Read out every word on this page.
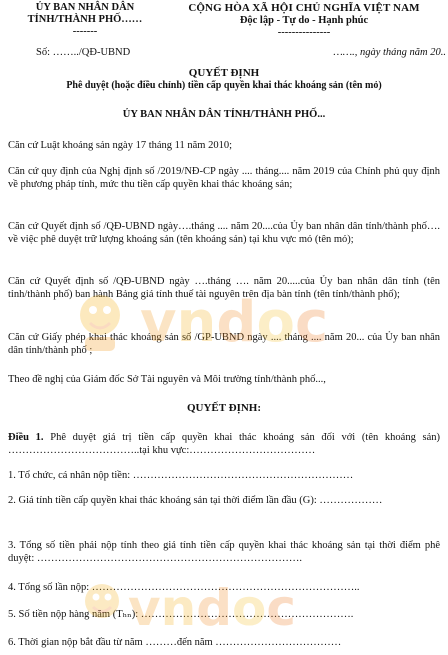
ỦY BAN NHÂN DÂN
TỈNH/THÀNH PHỐ……
-------
CỘNG HÒA XÃ HỘI CHỦ NGHĨA VIỆT NAM
Độc lập - Tự do - Hạnh phúc
---------------
Số: ……../QĐ-UBND	……., ngày tháng năm 20..
QUYẾT ĐỊNH
Phê duyệt (hoặc điều chỉnh) tiền cấp quyền khai thác khoáng sản (tên mỏ)
ỦY BAN NHÂN DÂN TỈNH/THÀNH PHỐ...
Căn cứ Luật khoáng sản ngày 17 tháng 11 năm 2010;
Căn cứ quy định của Nghị định số /2019/NĐ-CP ngày .... tháng.... năm 2019 của Chính phủ quy định về phương pháp tính, mức thu tiền cấp quyền khai thác khoáng sản;
Căn cứ Quyết định số /QĐ-UBND ngày….tháng .... năm 20....của Ủy ban nhân dân tỉnh/thành phố…. về việc phê duyệt trữ lượng khoáng sản (tên khoáng sản) tại khu vực mỏ (tên mỏ);
Căn cứ Quyết định số /QĐ-UBND ngày ….tháng …. năm 20.....của Ủy ban nhân dân tỉnh (tên tỉnh/thành phố) ban hành Bảng giá tính thuế tài nguyên trên địa bàn tỉnh (tên tỉnh/thành phố);
Căn cứ Giấy phép khai thác khoáng sản số /GP-UBND ngày .... tháng .... năm 20... của Ủy ban nhân dân tỉnh/thành phố ;
Theo đề nghị của Giám đốc Sở Tài nguyên và Môi trường tỉnh/thành phố...,
QUYẾT ĐỊNH:
Điều 1. Phê duyệt giá trị tiền cấp quyền khai thác khoáng sản đối với (tên khoáng sản) ………………………………..tại khu vực:………………………………
1. Tổ chức, cá nhân nộp tiền: ………………………………………………………
2. Giá tính tiền cấp quyền khai thác khoáng sản tại thời điểm lần đầu (G): ………………
3. Tổng số tiền phải nộp tính theo giá tính tiền cấp quyền khai thác khoáng sản tại thời điểm phê duyệt: ………………………………………………………………….
4. Tổng số lần nộp: …………………………………………………………………..
5. Số tiền nộp hàng năm (Tₕₙ): …………………………………………………….
6. Thời gian nộp bắt đầu từ năm ………đến năm ………………………………
vndoc
vndoc
